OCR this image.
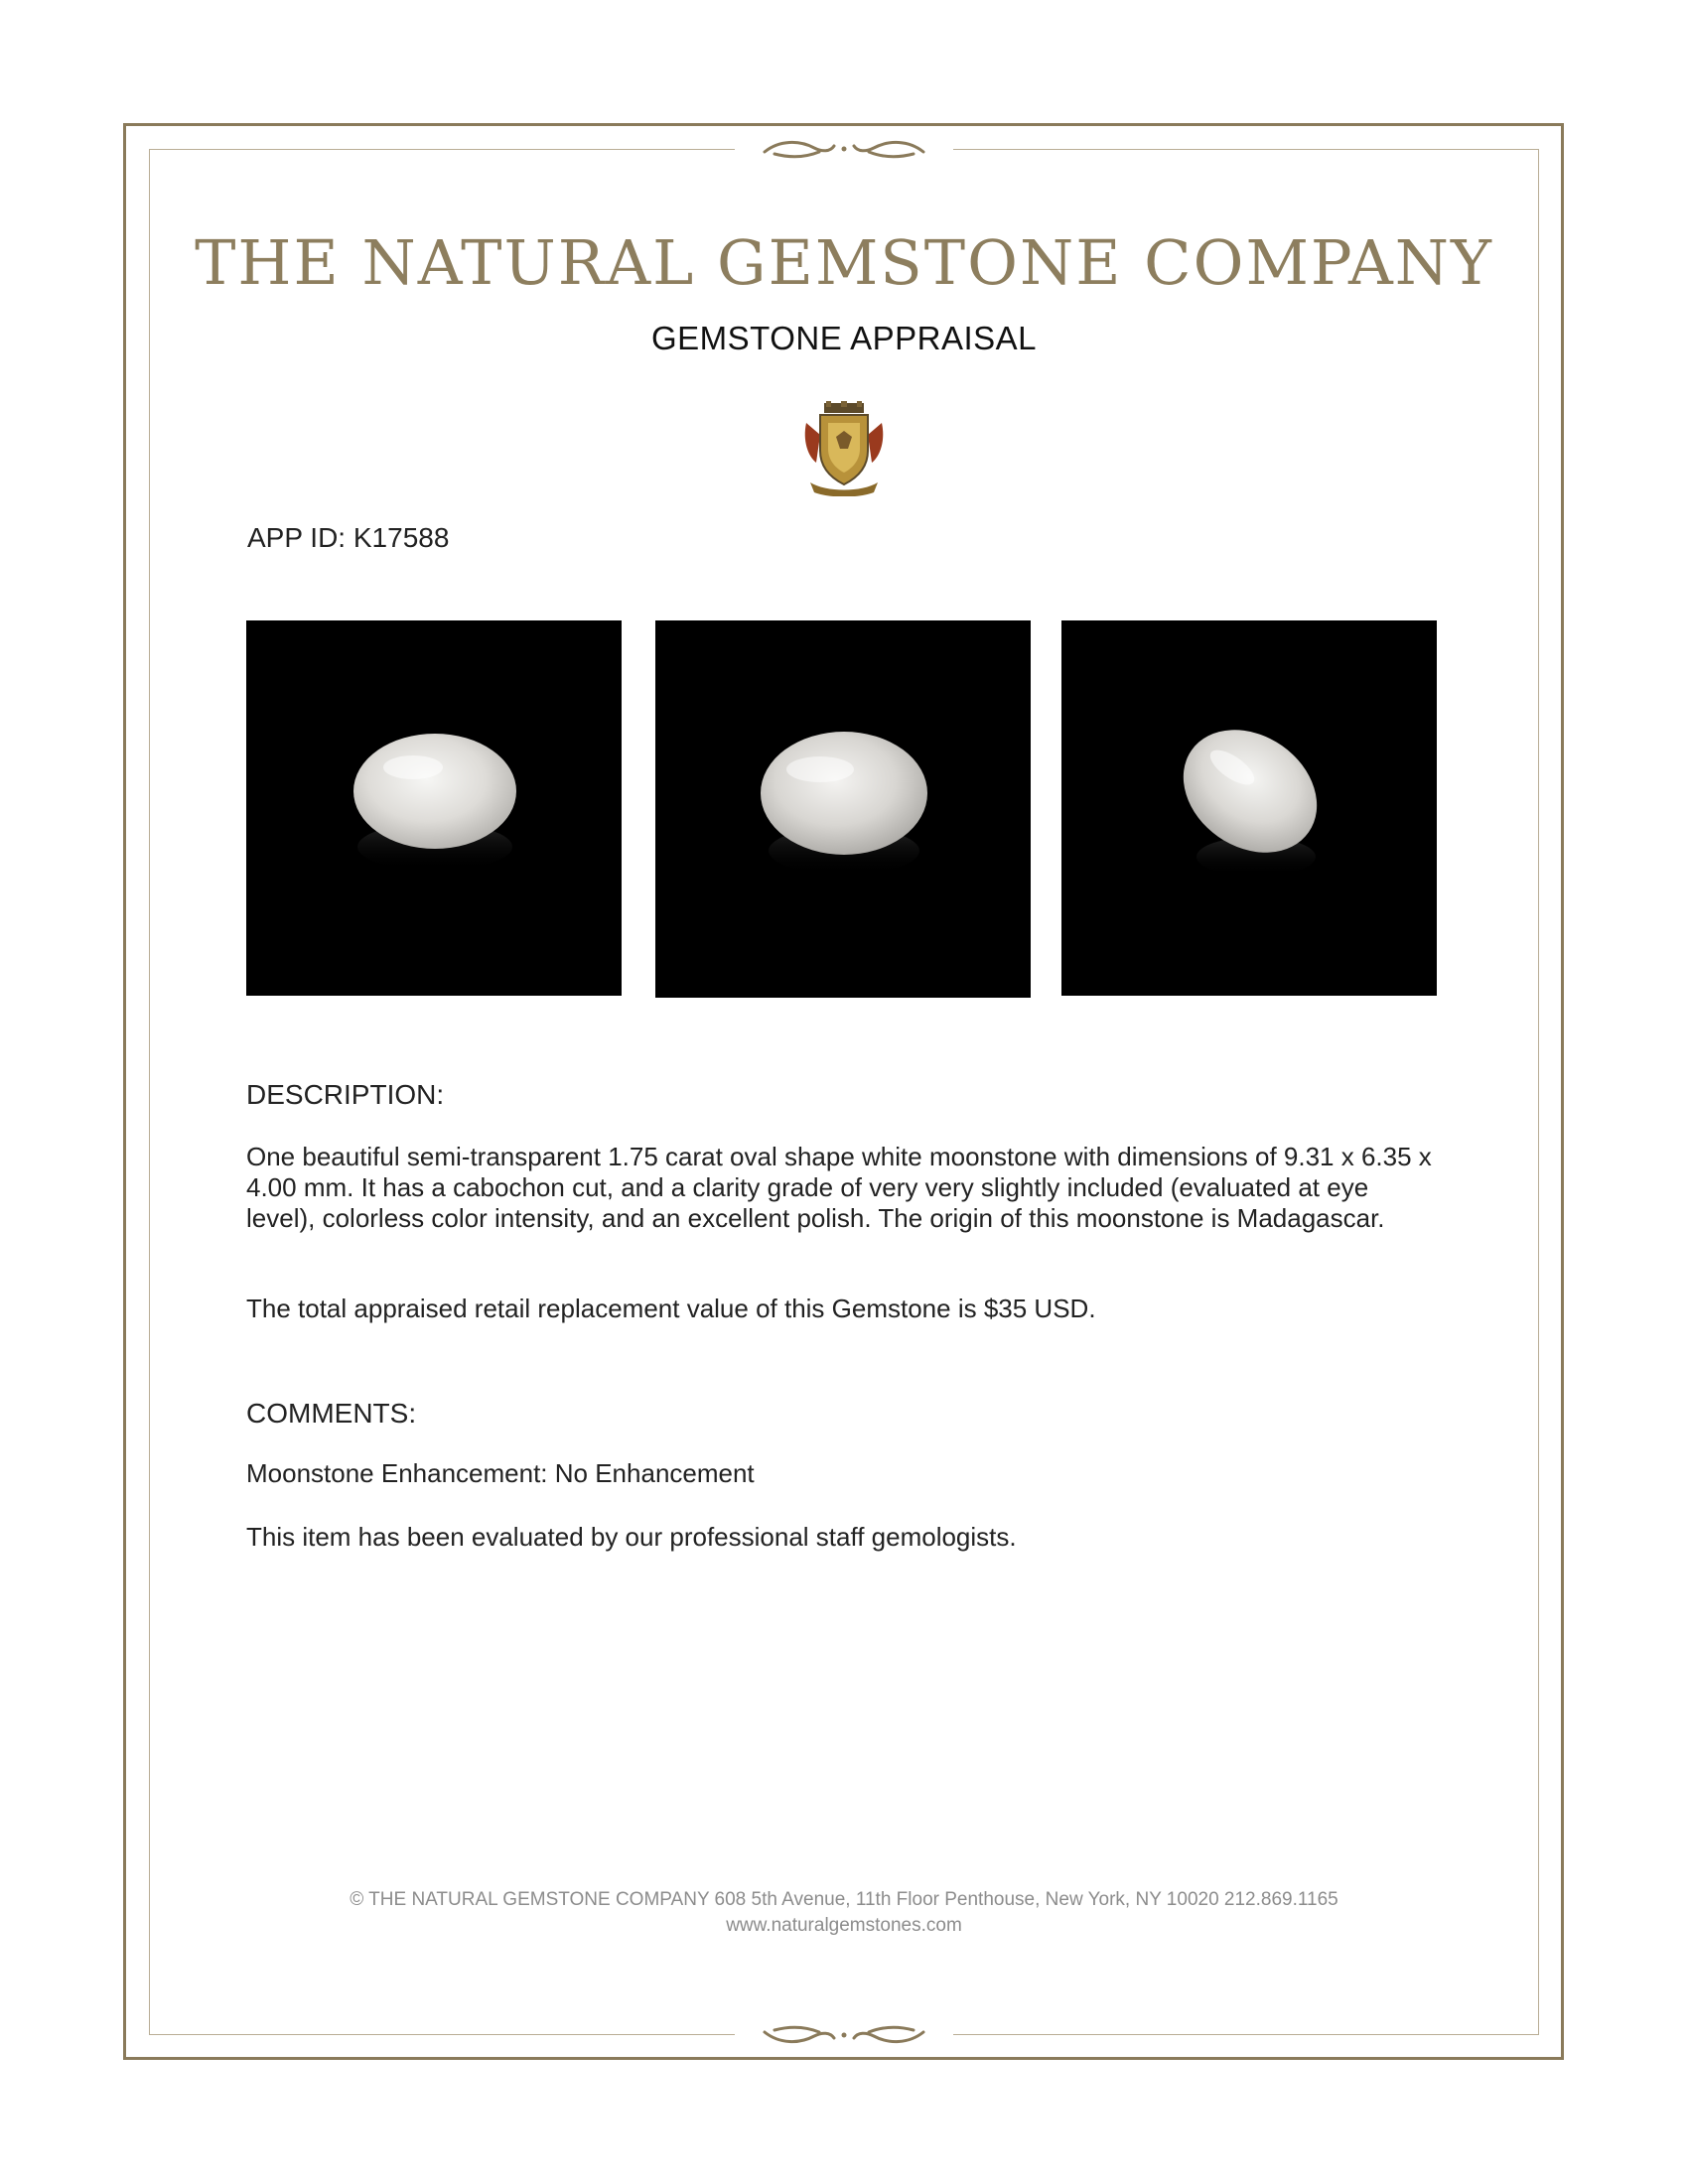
THE NATURAL GEMSTONE COMPANY
GEMSTONE APPRAISAL
APP ID: K17588
DESCRIPTION:

One beautiful semi-transparent 1.75 carat oval shape white moonstone with dimensions of 9.31 x 6.35 x 4.00 mm. It has a cabochon cut, and a clarity grade of very very slightly included (evaluated at eye level), colorless color intensity, and an excellent polish. The origin of this moonstone is Madagascar.

The total appraised retail replacement value of this Gemstone is $35 USD.

COMMENTS:

Moonstone Enhancement: No Enhancement

This item has been evaluated by our professional staff gemologists.

© THE NATURAL GEMSTONE COMPANY 608 5th Avenue, 11th Floor Penthouse, New York, NY 10020 212.869.1165
www.naturalgemstones.com
